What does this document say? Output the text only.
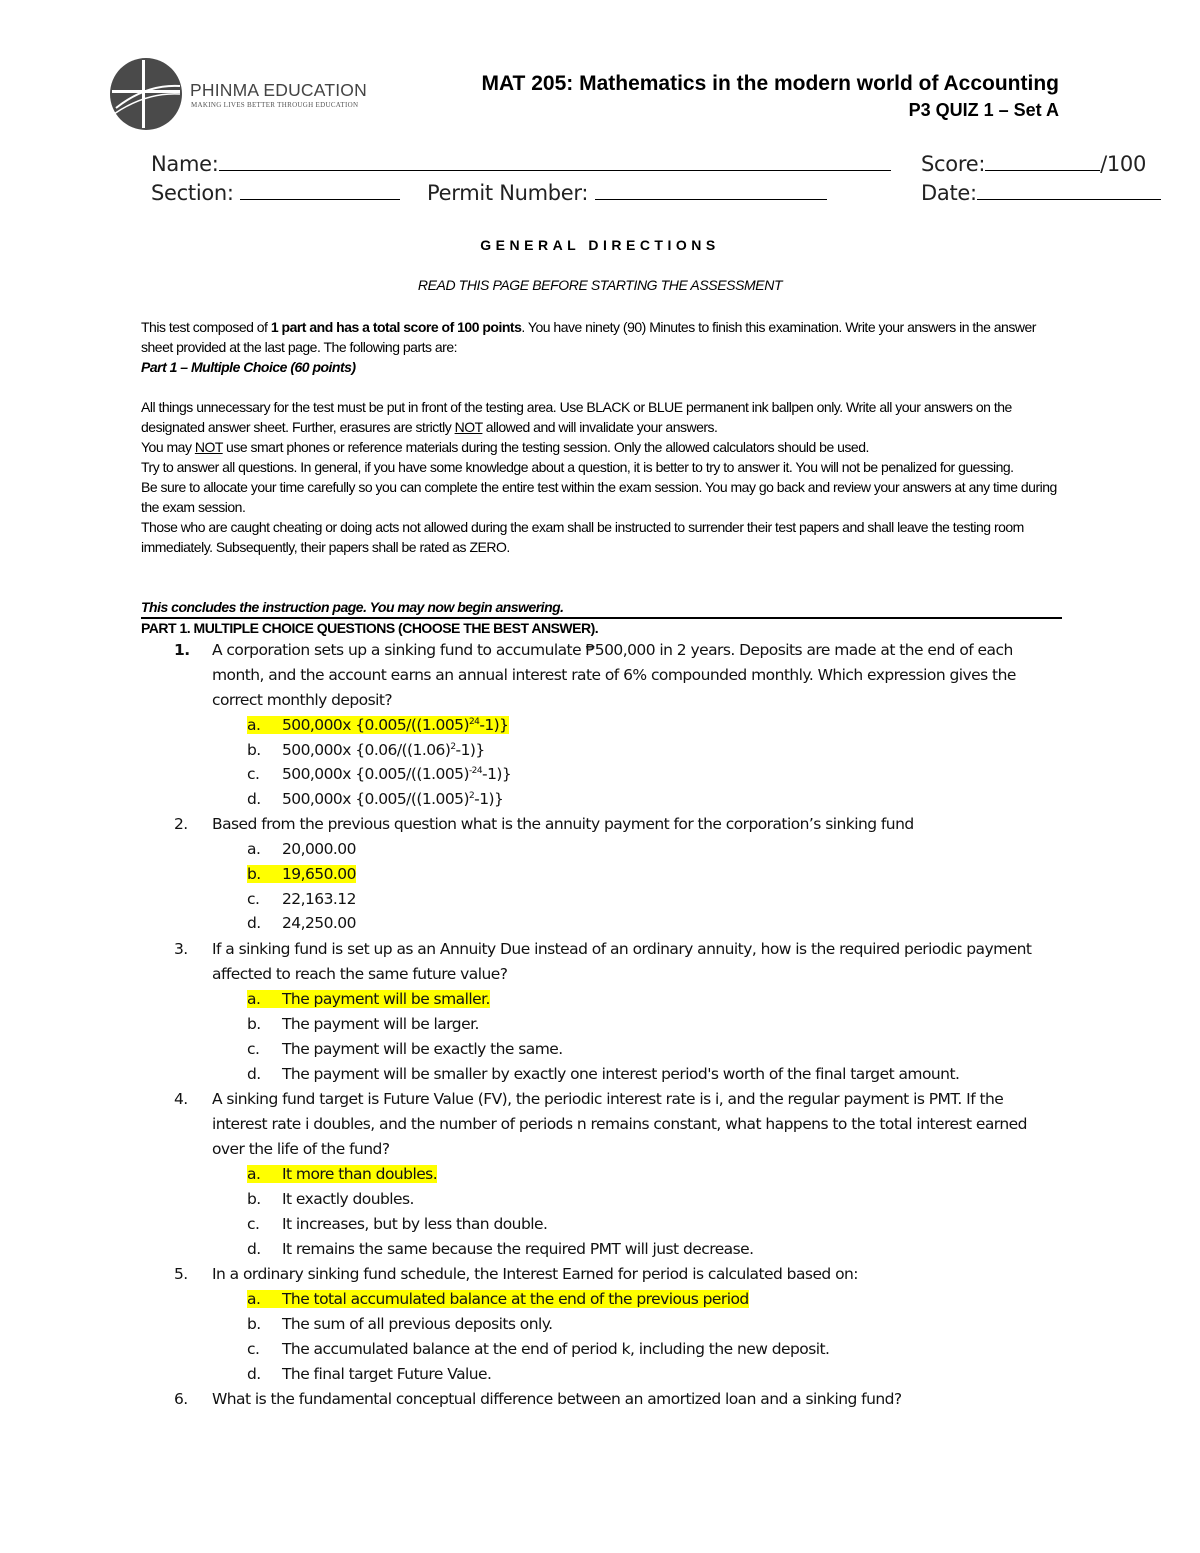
PHINMA EDUCATION
MAKING LIVES BETTER THROUGH EDUCATION
MAT 205: Mathematics in the modern world of Accounting
P3 QUIZ 1 – Set A
Name:	Score:	/100
Section:	Permit Number:	Date:
GENERAL DIRECTIONS
READ THIS PAGE BEFORE STARTING THE ASSESSMENT
This test composed of 1 part and has a total score of 100 points. You have ninety (90) Minutes to finish this examination. Write your answers in the answer sheet provided at the last page. The following parts are:
Part 1 – Multiple Choice (60 points)
All things unnecessary for the test must be put in front of the testing area. Use BLACK or BLUE permanent ink ballpen only. Write all your answers on the designated answer sheet. Further, erasures are strictly NOT allowed and will invalidate your answers.
You may NOT use smart phones or reference materials during the testing session. Only the allowed calculators should be used.
Try to answer all questions. In general, if you have some knowledge about a question, it is better to try to answer it. You will not be penalized for guessing.
Be sure to allocate your time carefully so you can complete the entire test within the exam session. You may go back and review your answers at any time during the exam session.
Those who are caught cheating or doing acts not allowed during the exam shall be instructed to surrender their test papers and shall leave the testing room immediately. Subsequently, their papers shall be rated as ZERO.
This concludes the instruction page. You may now begin answering.
PART 1. MULTIPLE CHOICE QUESTIONS (CHOOSE THE BEST ANSWER).
1. A corporation sets up a sinking fund to accumulate ₱500,000 in 2 years. Deposits are made at the end of each month, and the account earns an annual interest rate of 6% compounded monthly. Which expression gives the correct monthly deposit?
a. 500,000x $\{0.005/((1.005)^{24}-1)\}$
b. 500,000x $\{0.06/((1.06)^2-1)\}$
c. 500,000x $\{0.005/((1.005)^{-24}-1)\}$
d. 500,000x $\{0.005/((1.005)^2-1)\}$
2. Based from the previous question what is the annuity payment for the corporation’s sinking fund
a. 20,000.00
b. 19,650.00
c. 22,163.12
d. 24,250.00
3. If a sinking fund is set up as an Annuity Due instead of an ordinary annuity, how is the required periodic payment affected to reach the same future value?
a. The payment will be smaller.
b. The payment will be larger.
c. The payment will be exactly the same.
d. The payment will be smaller by exactly one interest period's worth of the final target amount.
4. A sinking fund target is Future Value (FV), the periodic interest rate is i, and the regular payment is PMT. If the interest rate i doubles, and the number of periods n remains constant, what happens to the total interest earned over the life of the fund?
a. It more than doubles.
b. It exactly doubles.
c. It increases, but by less than double.
d. It remains the same because the required PMT will just decrease.
5. In a ordinary sinking fund schedule, the Interest Earned for period is calculated based on:
a. The total accumulated balance at the end of the previous period
b. The sum of all previous deposits only.
c. The accumulated balance at the end of period k, including the new deposit.
d. The final target Future Value.
6. What is the fundamental conceptual difference between an amortized loan and a sinking fund?
